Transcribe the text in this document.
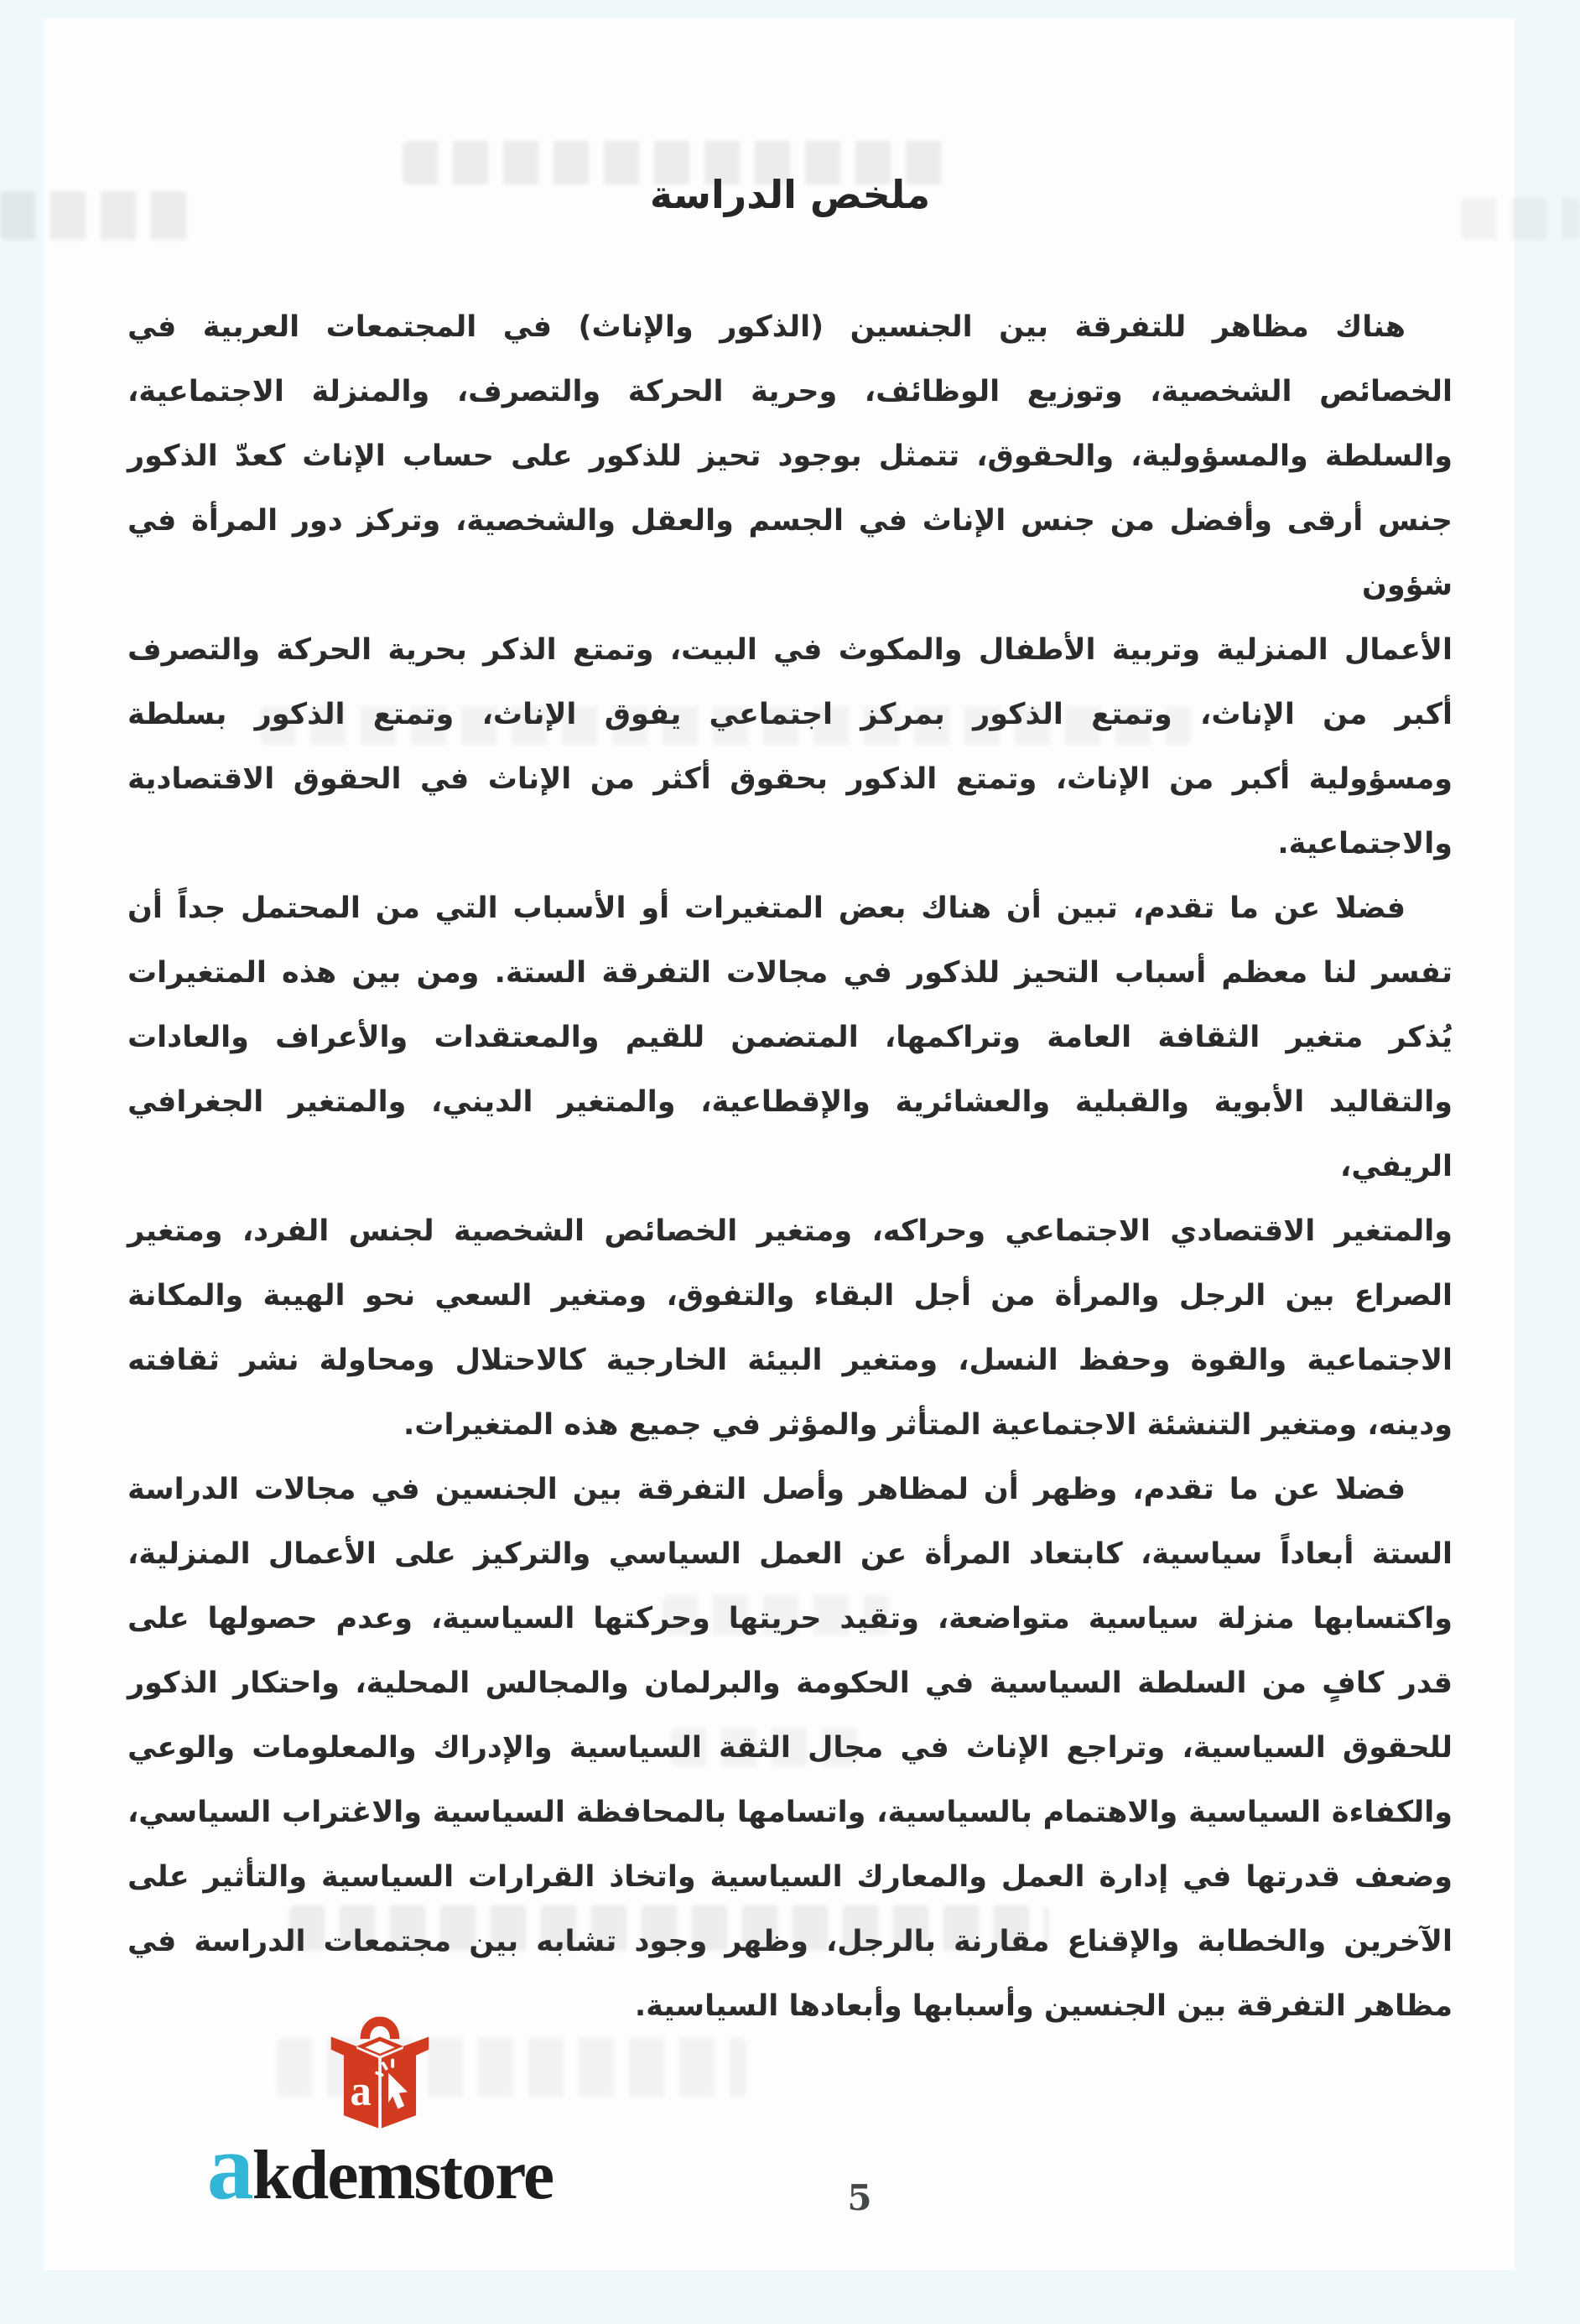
ملخص الدراسة
هناك مظاهر للتفرقة بين الجنسين (الذكور والإناث) في المجتمعات العربية في
الخصائص الشخصية، وتوزيع الوظائف، وحرية الحركة والتصرف، والمنزلة الاجتماعية،
والسلطة والمسؤولية، والحقوق، تتمثل بوجود تحيز للذكور على حساب الإناث كعدّ الذكور
جنس أرقى وأفضل من جنس الإناث في الجسم والعقل والشخصية، وتركز دور المرأة في شؤون
الأعمال المنزلية وتربية الأطفال والمكوث في البيت، وتمتع الذكر بحرية الحركة والتصرف
أكبر من الإناث، وتمتع الذكور بمركز اجتماعي يفوق الإناث، وتمتع الذكور بسلطة
ومسؤولية أكبر من الإناث، وتمتع الذكور بحقوق أكثر من الإناث في الحقوق الاقتصادية
والاجتماعية.
فضلا عن ما تقدم، تبين أن هناك بعض المتغيرات أو الأسباب التي من المحتمل جداً أن
تفسر لنا معظم أسباب التحيز للذكور في مجالات التفرقة الستة. ومن بين هذه المتغيرات
يُذكر متغير الثقافة العامة وتراكمها، المتضمن للقيم والمعتقدات والأعراف والعادات
والتقاليد الأبوية والقبلية والعشائرية والإقطاعية، والمتغير الديني، والمتغير الجغرافي الريفي،
والمتغير الاقتصادي الاجتماعي وحراكه، ومتغير الخصائص الشخصية لجنس الفرد، ومتغير
الصراع بين الرجل والمرأة من أجل البقاء والتفوق، ومتغير السعي نحو الهيبة والمكانة
الاجتماعية والقوة وحفظ النسل، ومتغير البيئة الخارجية كالاحتلال ومحاولة نشر ثقافته
ودينه، ومتغير التنشئة الاجتماعية المتأثر والمؤثر في جميع هذه المتغيرات.
فضلا عن ما تقدم، وظهر أن لمظاهر وأصل التفرقة بين الجنسين في مجالات الدراسة
الستة أبعاداً سياسية، كابتعاد المرأة عن العمل السياسي والتركيز على الأعمال المنزلية،
واكتسابها منزلة سياسية متواضعة، وتقيد حريتها وحركتها السياسية، وعدم حصولها على
قدر كافٍ من السلطة السياسية في الحكومة والبرلمان والمجالس المحلية، واحتكار الذكور
للحقوق السياسية، وتراجع الإناث في مجال الثقة السياسية والإدراك والمعلومات والوعي
والكفاءة السياسية والاهتمام بالسياسية، واتسامها بالمحافظة السياسية والاغتراب السياسي،
وضعف قدرتها في إدارة العمل والمعارك السياسية واتخاذ القرارات السياسية والتأثير على
الآخرين والخطابة والإقناع مقارنة بالرجل، وظهر وجود تشابه بين مجتمعات الدراسة في
مظاهر التفرقة بين الجنسين وأسبابها وأبعادها السياسية.
a
akdemstore	5
